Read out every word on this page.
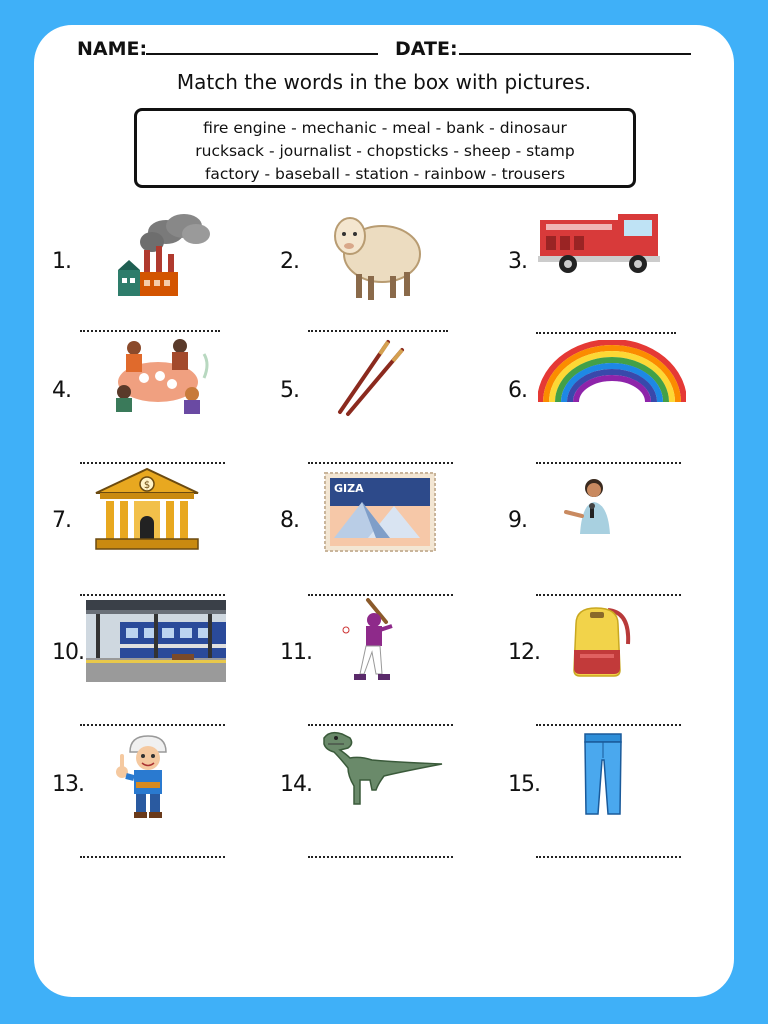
NAME:	DATE:
Match the words in the box with pictures.
fire engine - mechanic - meal - bank - dinosaur
rucksack - journalist - chopsticks - sheep - stamp
factory - baseball - station - rainbow - trousers
1.	2.	3.
4.	5.	6.
7.
$
8.
GIZA
9.
10.	11.	12.
13.	14.	15.
